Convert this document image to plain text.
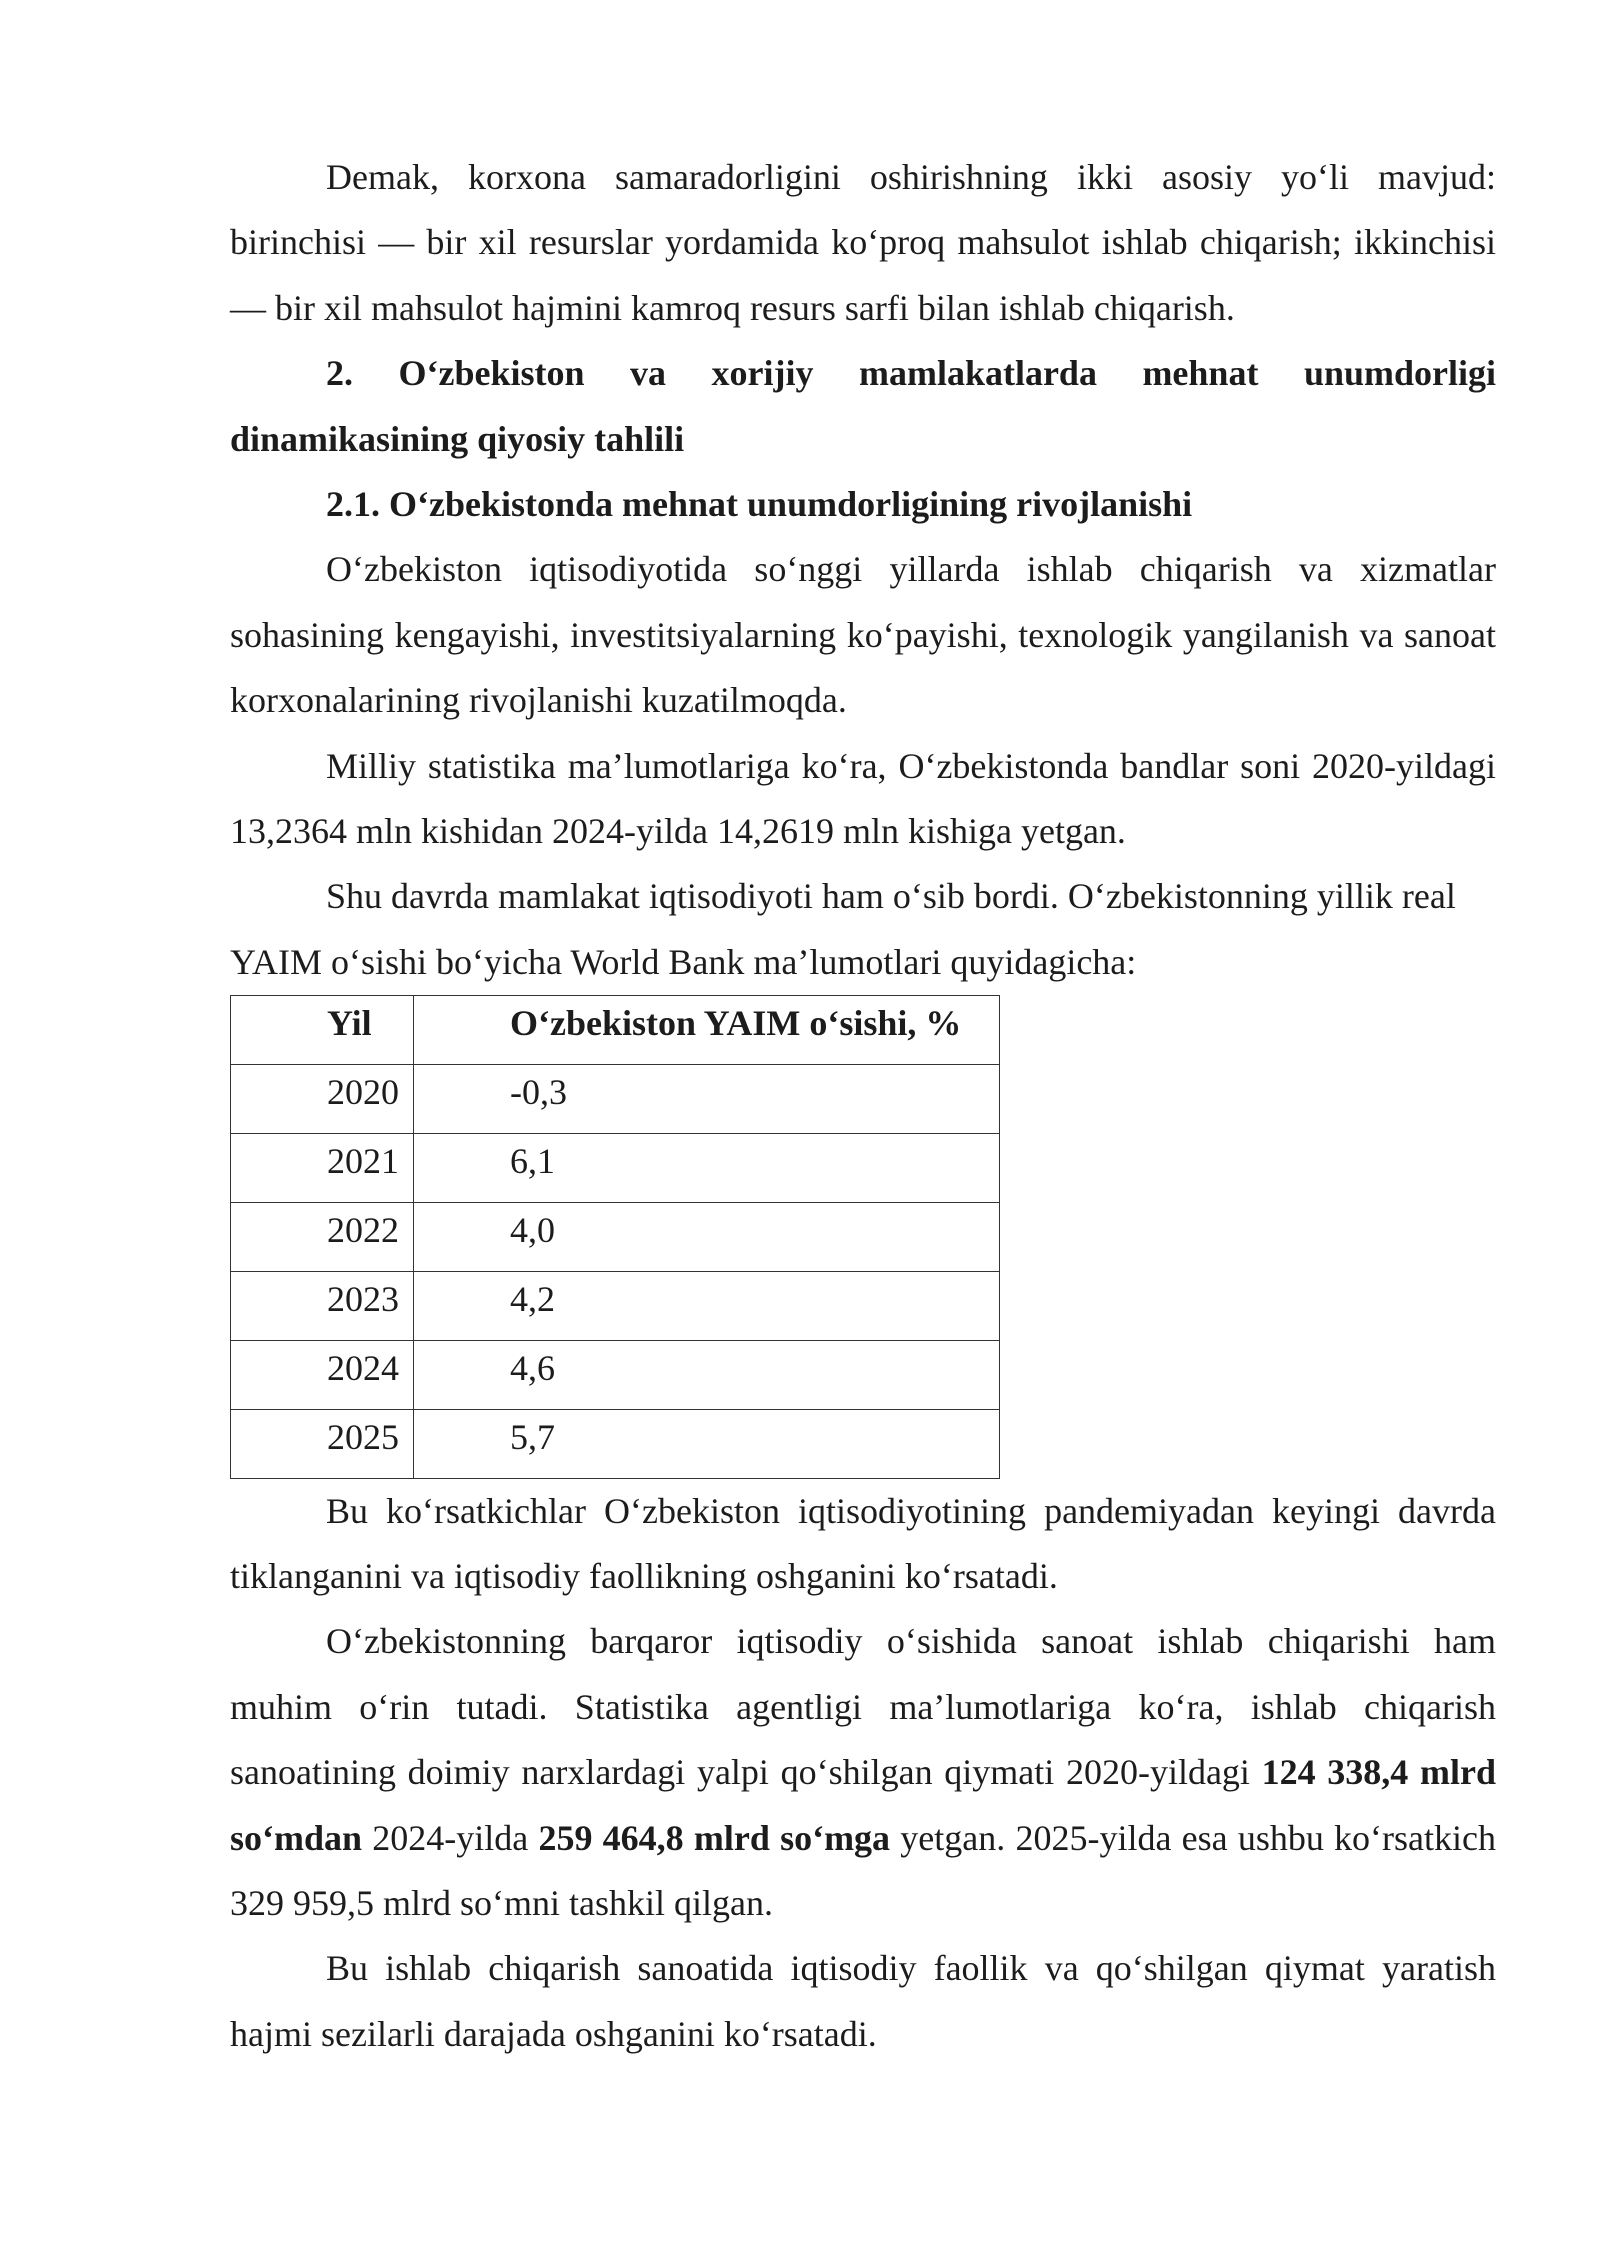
Demak, korxona samaradorligini oshirishning ikki asosiy yoʻli mavjud: birinchisi — bir xil resurslar yordamida koʻproq mahsulot ishlab chiqarish; ikkinchisi — bir xil mahsulot hajmini kamroq resurs sarfi bilan ishlab chiqarish.

2. Oʻzbekiston va xorijiy mamlakatlarda mehnat unumdorligi dinamikasining qiyosiy tahlili

2.1. Oʻzbekistonda mehnat unumdorligining rivojlanishi

Oʻzbekiston iqtisodiyotida soʻnggi yillarda ishlab chiqarish va xizmatlar sohasining kengayishi, investitsiyalarning koʻpayishi, texnologik yangilanish va sanoat korxonalarining rivojlanishi kuzatilmoqda.

Milliy statistika ma’lumotlariga koʻra, Oʻzbekistonda bandlar soni 2020-yildagi 13,2364 mln kishidan 2024-yilda 14,2619 mln kishiga yetgan.

Shu davrda mamlakat iqtisodiyoti ham oʻsib bordi. Oʻzbekistonning yillik real YAIM oʻsishi boʻyicha World Bank ma’lumotlari quyidagicha:

Yil	Oʻzbekiston YAIM oʻsishi, %

2020	-0,3

2021	6,1

2022	4,0

2023	4,2

2024	4,6

2025	5,7

Bu koʻrsatkichlar Oʻzbekiston iqtisodiyotining pandemiyadan keyingi davrda tiklanganini va iqtisodiy faollikning oshganini koʻrsatadi.

Oʻzbekistonning barqaror iqtisodiy oʻsishida sanoat ishlab chiqarishi ham muhim oʻrin tutadi. Statistika agentligi ma’lumotlariga koʻra, ishlab chiqarish sanoatining doimiy narxlardagi yalpi qoʻshilgan qiymati 2020-yildagi 124 338,4 mlrd soʻmdan 2024-yilda 259 464,8 mlrd soʻmga yetgan. 2025-yilda esa ushbu koʻrsatkich 329 959,5 mlrd soʻmni tashkil qilgan.

Bu ishlab chiqarish sanoatida iqtisodiy faollik va qoʻshilgan qiymat yaratish hajmi sezilarli darajada oshganini koʻrsatadi.
